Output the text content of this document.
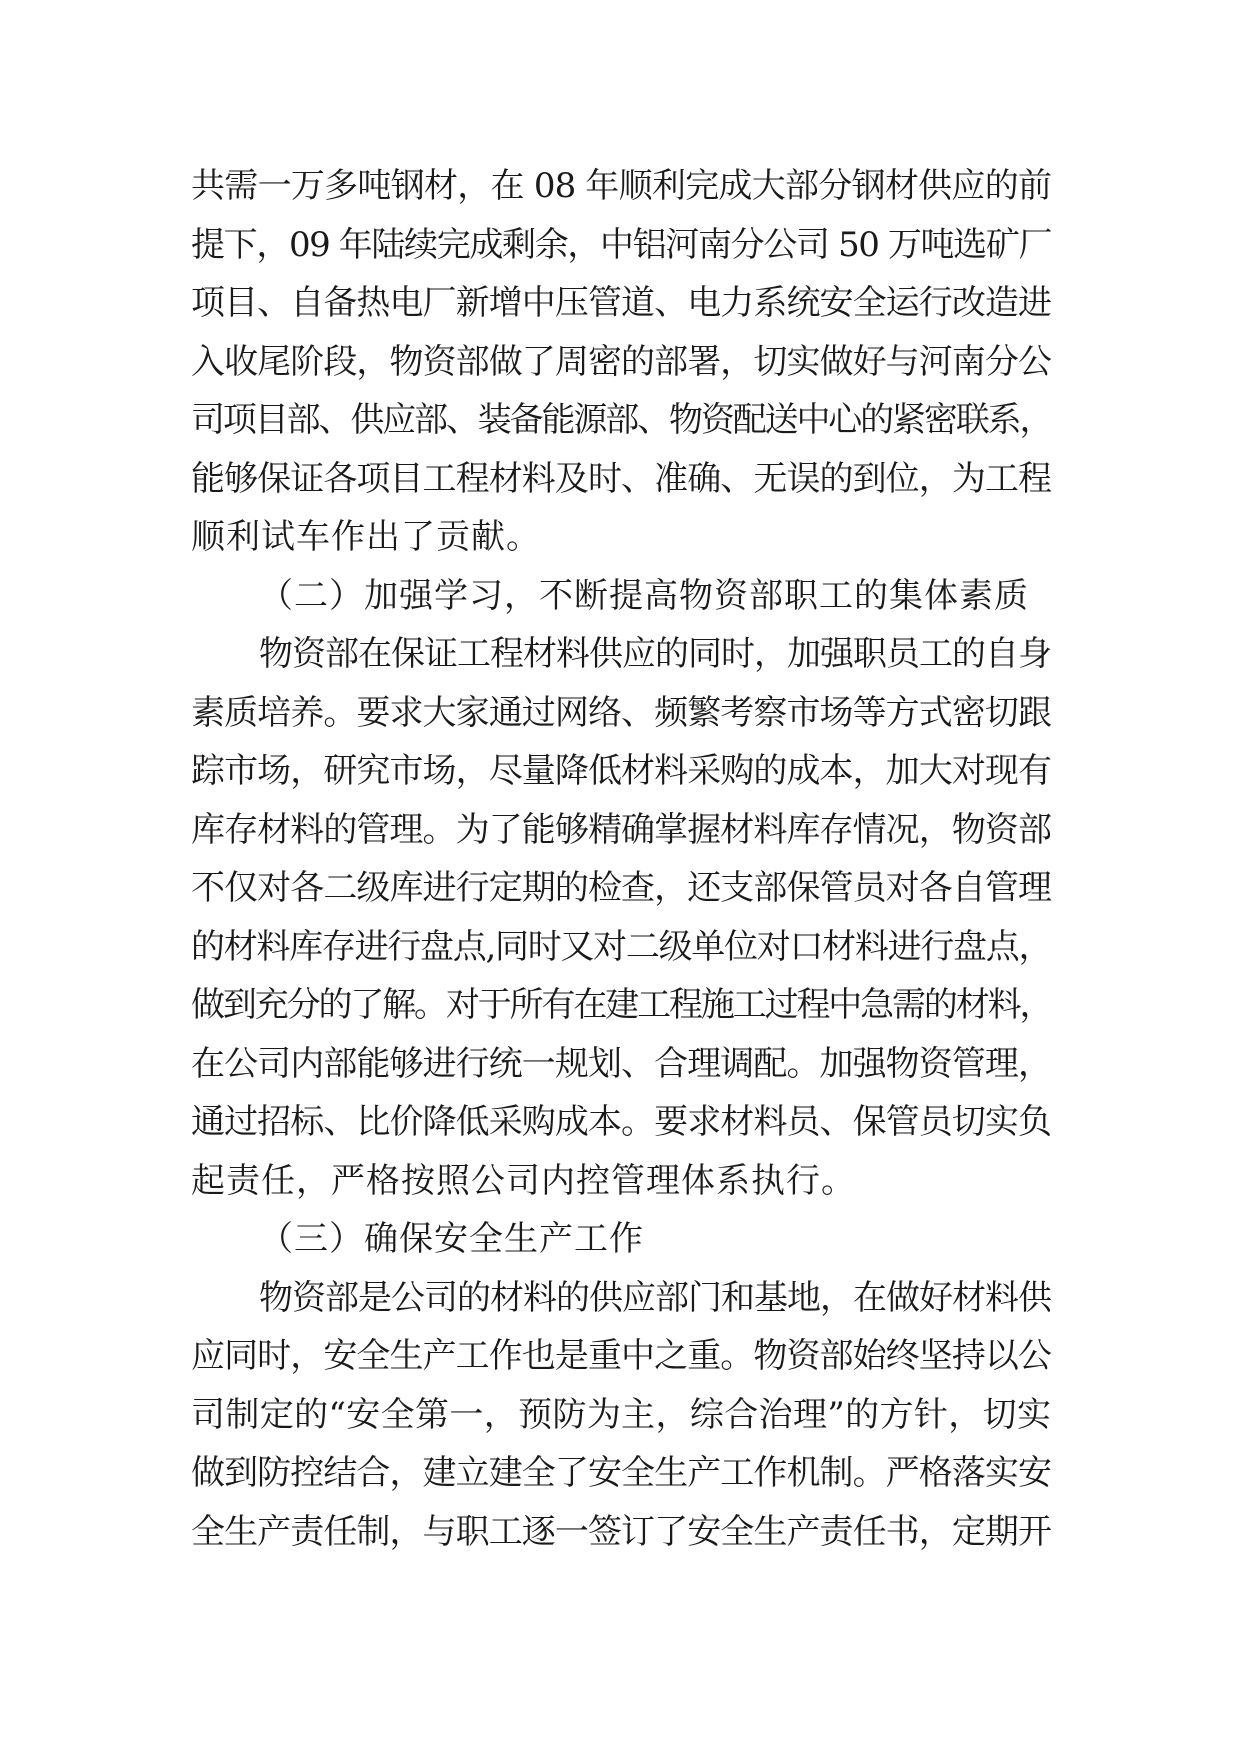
共需一万多吨钢材，在 08 年顺利完成大部分钢材供应的前
提下，09 年陆续完成剩余，中铝河南分公司 50 万吨选矿厂
项目、自备热电厂新增中压管道、电力系统安全运行改造进
入收尾阶段，物资部做了周密的部署，切实做好与河南分公
司项目部、供应部、装备能源部、物资配送中心的紧密联系，
能够保证各项目工程材料及时、准确、无误的到位，为工程
顺利试车作出了贡献。
（二）加强学习，不断提高物资部职工的集体素质
物资部在保证工程材料供应的同时，加强职员工的自身
素质培养。要求大家通过网络、频繁考察市场等方式密切跟
踪市场，研究市场，尽量降低材料采购的成本，加大对现有
库存材料的管理。为了能够精确掌握材料库存情况，物资部
不仅对各二级库进行定期的检查，还支部保管员对各自管理
的材料库存进行盘点,同时又对二级单位对口材料进行盘点，
做到充分的了解。对于所有在建工程施工过程中急需的材料，
在公司内部能够进行统一规划、合理调配。加强物资管理，
通过招标、比价降低采购成本。要求材料员、保管员切实负
起责任，严格按照公司内控管理体系执行。
（三）确保安全生产工作
物资部是公司的材料的供应部门和基地，在做好材料供
应同时，安全生产工作也是重中之重。物资部始终坚持以公
司制定的“安全第一，预防为主，综合治理”的方针，切实
做到防控结合，建立建全了安全生产工作机制。严格落实安
全生产责任制，与职工逐一签订了安全生产责任书，定期开
